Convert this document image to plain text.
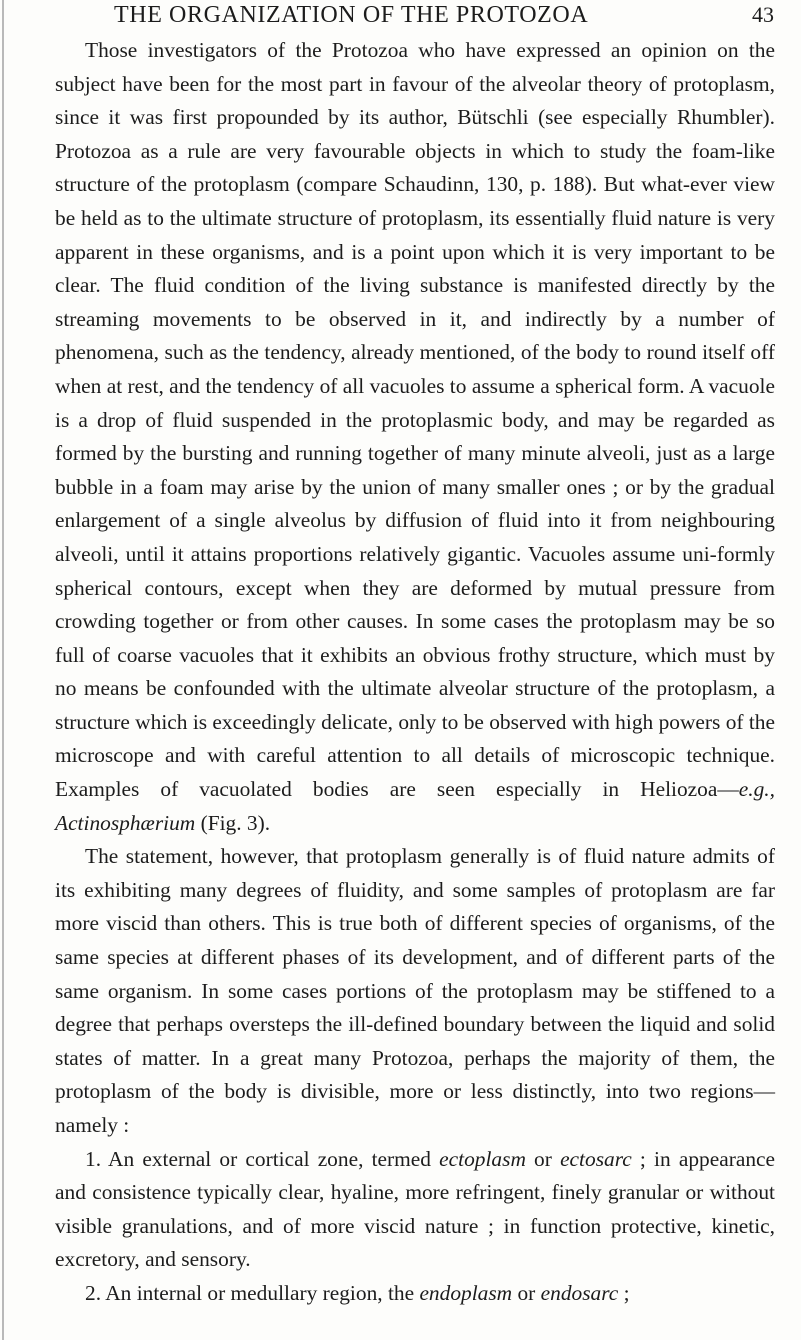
THE ORGANIZATION OF THE PROTOZOA	43

Those investigators of the Protozoa who have expressed an opinion on the subject have been for the most part in favour of the alveolar theory of protoplasm, since it was first propounded by its author, Bütschli (see especially Rhumbler). Protozoa as a rule are very favourable objects in which to study the foam-like structure of the protoplasm (compare Schaudinn, 130, p. 188). But what-ever view be held as to the ultimate structure of protoplasm, its essentially fluid nature is very apparent in these organisms, and is a point upon which it is very important to be clear. The fluid condition of the living substance is manifested directly by the streaming movements to be observed in it, and indirectly by a number of phenomena, such as the tendency, already mentioned, of the body to round itself off when at rest, and the tendency of all vacuoles to assume a spherical form. A vacuole is a drop of fluid suspended in the protoplasmic body, and may be regarded as formed by the bursting and running together of many minute alveoli, just as a large bubble in a foam may arise by the union of many smaller ones ; or by the gradual enlargement of a single alveolus by diffusion of fluid into it from neighbouring alveoli, until it attains proportions relatively gigantic. Vacuoles assume uni-formly spherical contours, except when they are deformed by mutual pressure from crowding together or from other causes. In some cases the protoplasm may be so full of coarse vacuoles that it exhibits an obvious frothy structure, which must by no means be confounded with the ultimate alveolar structure of the protoplasm, a structure which is exceedingly delicate, only to be observed with high powers of the microscope and with careful attention to all details of microscopic technique. Examples of vacuolated bodies are seen especially in Heliozoa—e.g., Actinosphærium (Fig. 3).

The statement, however, that protoplasm generally is of fluid nature admits of its exhibiting many degrees of fluidity, and some samples of protoplasm are far more viscid than others. This is true both of different species of organisms, of the same species at different phases of its development, and of different parts of the same organism. In some cases portions of the protoplasm may be stiffened to a degree that perhaps oversteps the ill-defined boundary between the liquid and solid states of matter. In a great many Protozoa, perhaps the majority of them, the protoplasm of the body is divisible, more or less distinctly, into two regions— namely :

1. An external or cortical zone, termed ectoplasm or ectosarc ; in appearance and consistence typically clear, hyaline, more refringent, finely granular or without visible granulations, and of more viscid nature ; in function protective, kinetic, excretory, and sensory.

2. An internal or medullary region, the endoplasm or endosarc ;
